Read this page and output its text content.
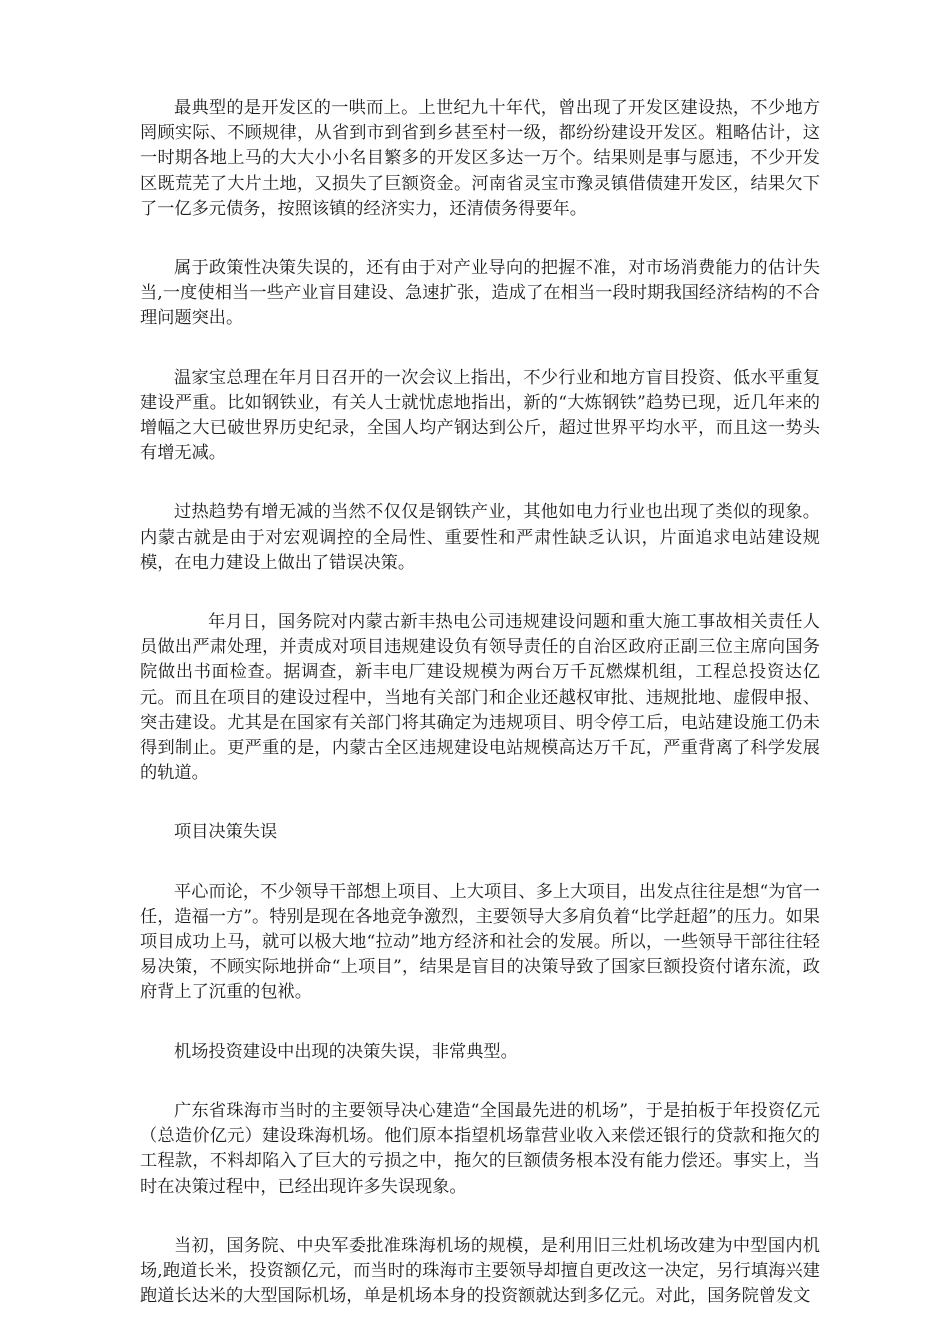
最典型的是开发区的一哄而上。上世纪九十年代，曾出现了开发区建设热，不少地方罔顾实际、不顾规律，从省到市到省到乡甚至村一级，都纷纷建设开发区。粗略估计，这一时期各地上马的大大小小名目繁多的开发区多达一万个。结果则是事与愿违，不少开发区既荒芜了大片土地，又损失了巨额资金。河南省灵宝市豫灵镇借债建开发区，结果欠下了一亿多元债务，按照该镇的经济实力，还清债务得要年。

属于政策性决策失误的，还有由于对产业导向的把握不准，对市场消费能力的估计失当,一度使相当一些产业盲目建设、急速扩张，造成了在相当一段时期我国经济结构的不合理问题突出。

温家宝总理在年月日召开的一次会议上指出，不少行业和地方盲目投资、低水平重复建设严重。比如钢铁业，有关人士就忧虑地指出，新的“大炼钢铁”趋势已现，近几年来的增幅之大已破世界历史纪录，全国人均产钢达到公斤，超过世界平均水平，而且这一势头有增无减。

过热趋势有增无减的当然不仅仅是钢铁产业，其他如电力行业也出现了类似的现象。内蒙古就是由于对宏观调控的全局性、重要性和严肃性缺乏认识，片面追求电站建设规模，在电力建设上做出了错误决策。

年月日，国务院对内蒙古新丰热电公司违规建设问题和重大施工事故相关责任人员做出严肃处理，并责成对项目违规建设负有领导责任的自治区政府正副三位主席向国务院做出书面检查。据调查，新丰电厂建设规模为两台万千瓦燃煤机组，工程总投资达亿元。而且在项目的建设过程中，当地有关部门和企业还越权审批、违规批地、虚假申报、突击建设。尤其是在国家有关部门将其确定为违规项目、明令停工后，电站建设施工仍未得到制止。更严重的是，内蒙古全区违规建设电站规模高达万千瓦，严重背离了科学发展的轨道。

项目决策失误

平心而论，不少领导干部想上项目、上大项目、多上大项目，出发点往往是想“为官一任，造福一方”。特别是现在各地竞争激烈，主要领导大多肩负着“比学赶超”的压力。如果项目成功上马，就可以极大地“拉动”地方经济和社会的发展。所以，一些领导干部往往轻易决策，不顾实际地拼命“上项目”，结果是盲目的决策导致了国家巨额投资付诸东流，政府背上了沉重的包袱。

机场投资建设中出现的决策失误，非常典型。

广东省珠海市当时的主要领导决心建造“全国最先进的机场”，于是拍板于年投资亿元（总造价亿元）建设珠海机场。他们原本指望机场靠营业收入来偿还银行的贷款和拖欠的工程款，不料却陷入了巨大的亏损之中，拖欠的巨额债务根本没有能力偿还。事实上，当时在决策过程中，已经出现许多失误现象。

当初，国务院、中央军委批准珠海机场的规模，是利用旧三灶机场改建为中型国内机场,跑道长米，投资额亿元，而当时的珠海市主要领导却擅自更改这一决定，另行填海兴建跑道长达米的大型国际机场，单是机场本身的投资额就达到多亿元。对此，国务院曾发文
